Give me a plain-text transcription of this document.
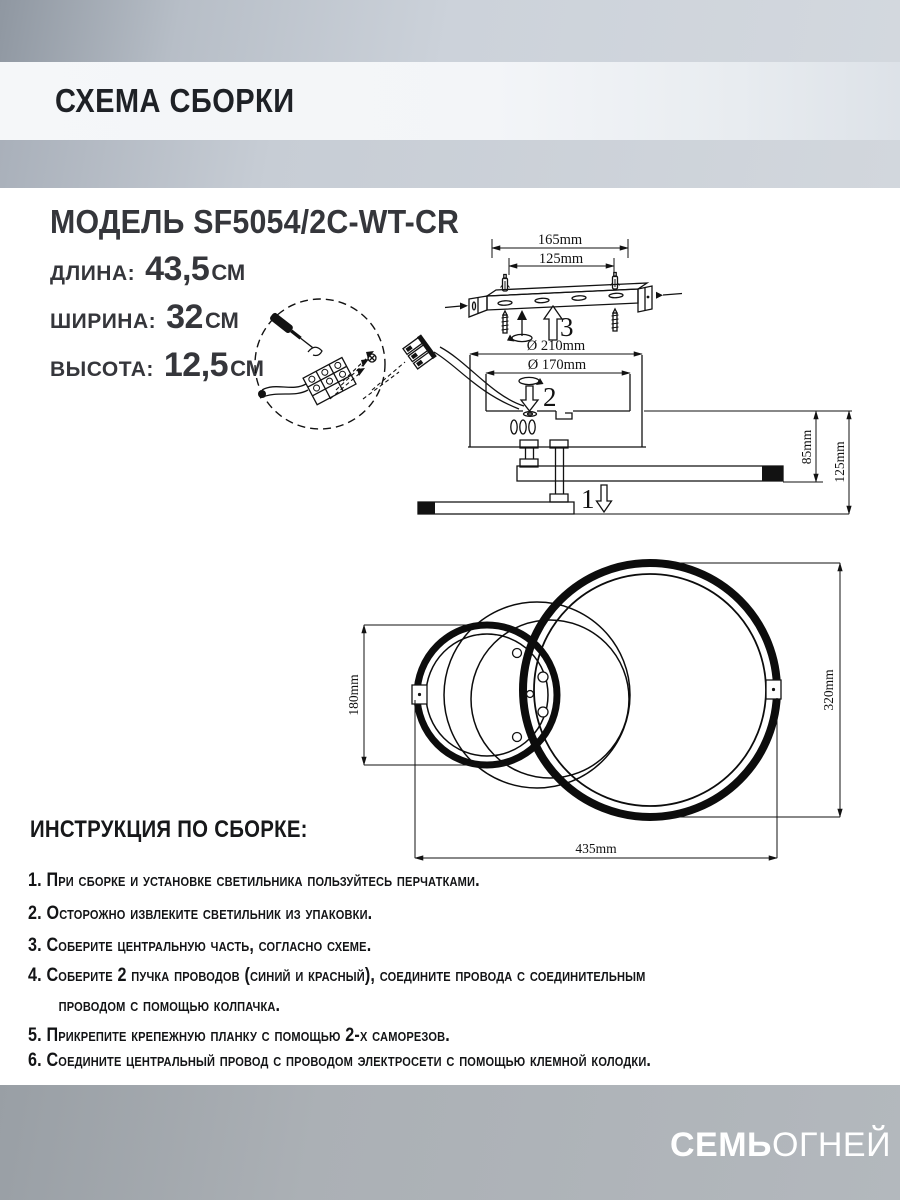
СХЕМА СБОРКИ
МОДЕЛЬ SF5054/2C-WT-CR
ДЛИНА: 43,5 СМ
ШИРИНА: 32 СМ
ВЫСОТА: 12,5 СМ
165mm
125mm
3
Ø 210mm
Ø 170mm
2
1
85mm 125mm
180mm	320mm
435mm
ИНСТРУКЦИЯ ПО СБОРКЕ:
1. При сборке и установке светильника пользуйтесь перчатками.
2. Осторожно извлеките светильник из упаковки.
3. Соберите центральную часть, согласно схеме.
4. Соберите 2 пучка проводов (синий и красный), соедините провода с соединительным
проводом с помощью колпачка.
5. Прикрепите крепежную планку с помощью 2-х саморезов.
6. Соедините центральный провод с проводом электросети с помощью клемной колодки.
СЕМЬОГНЕЙ
